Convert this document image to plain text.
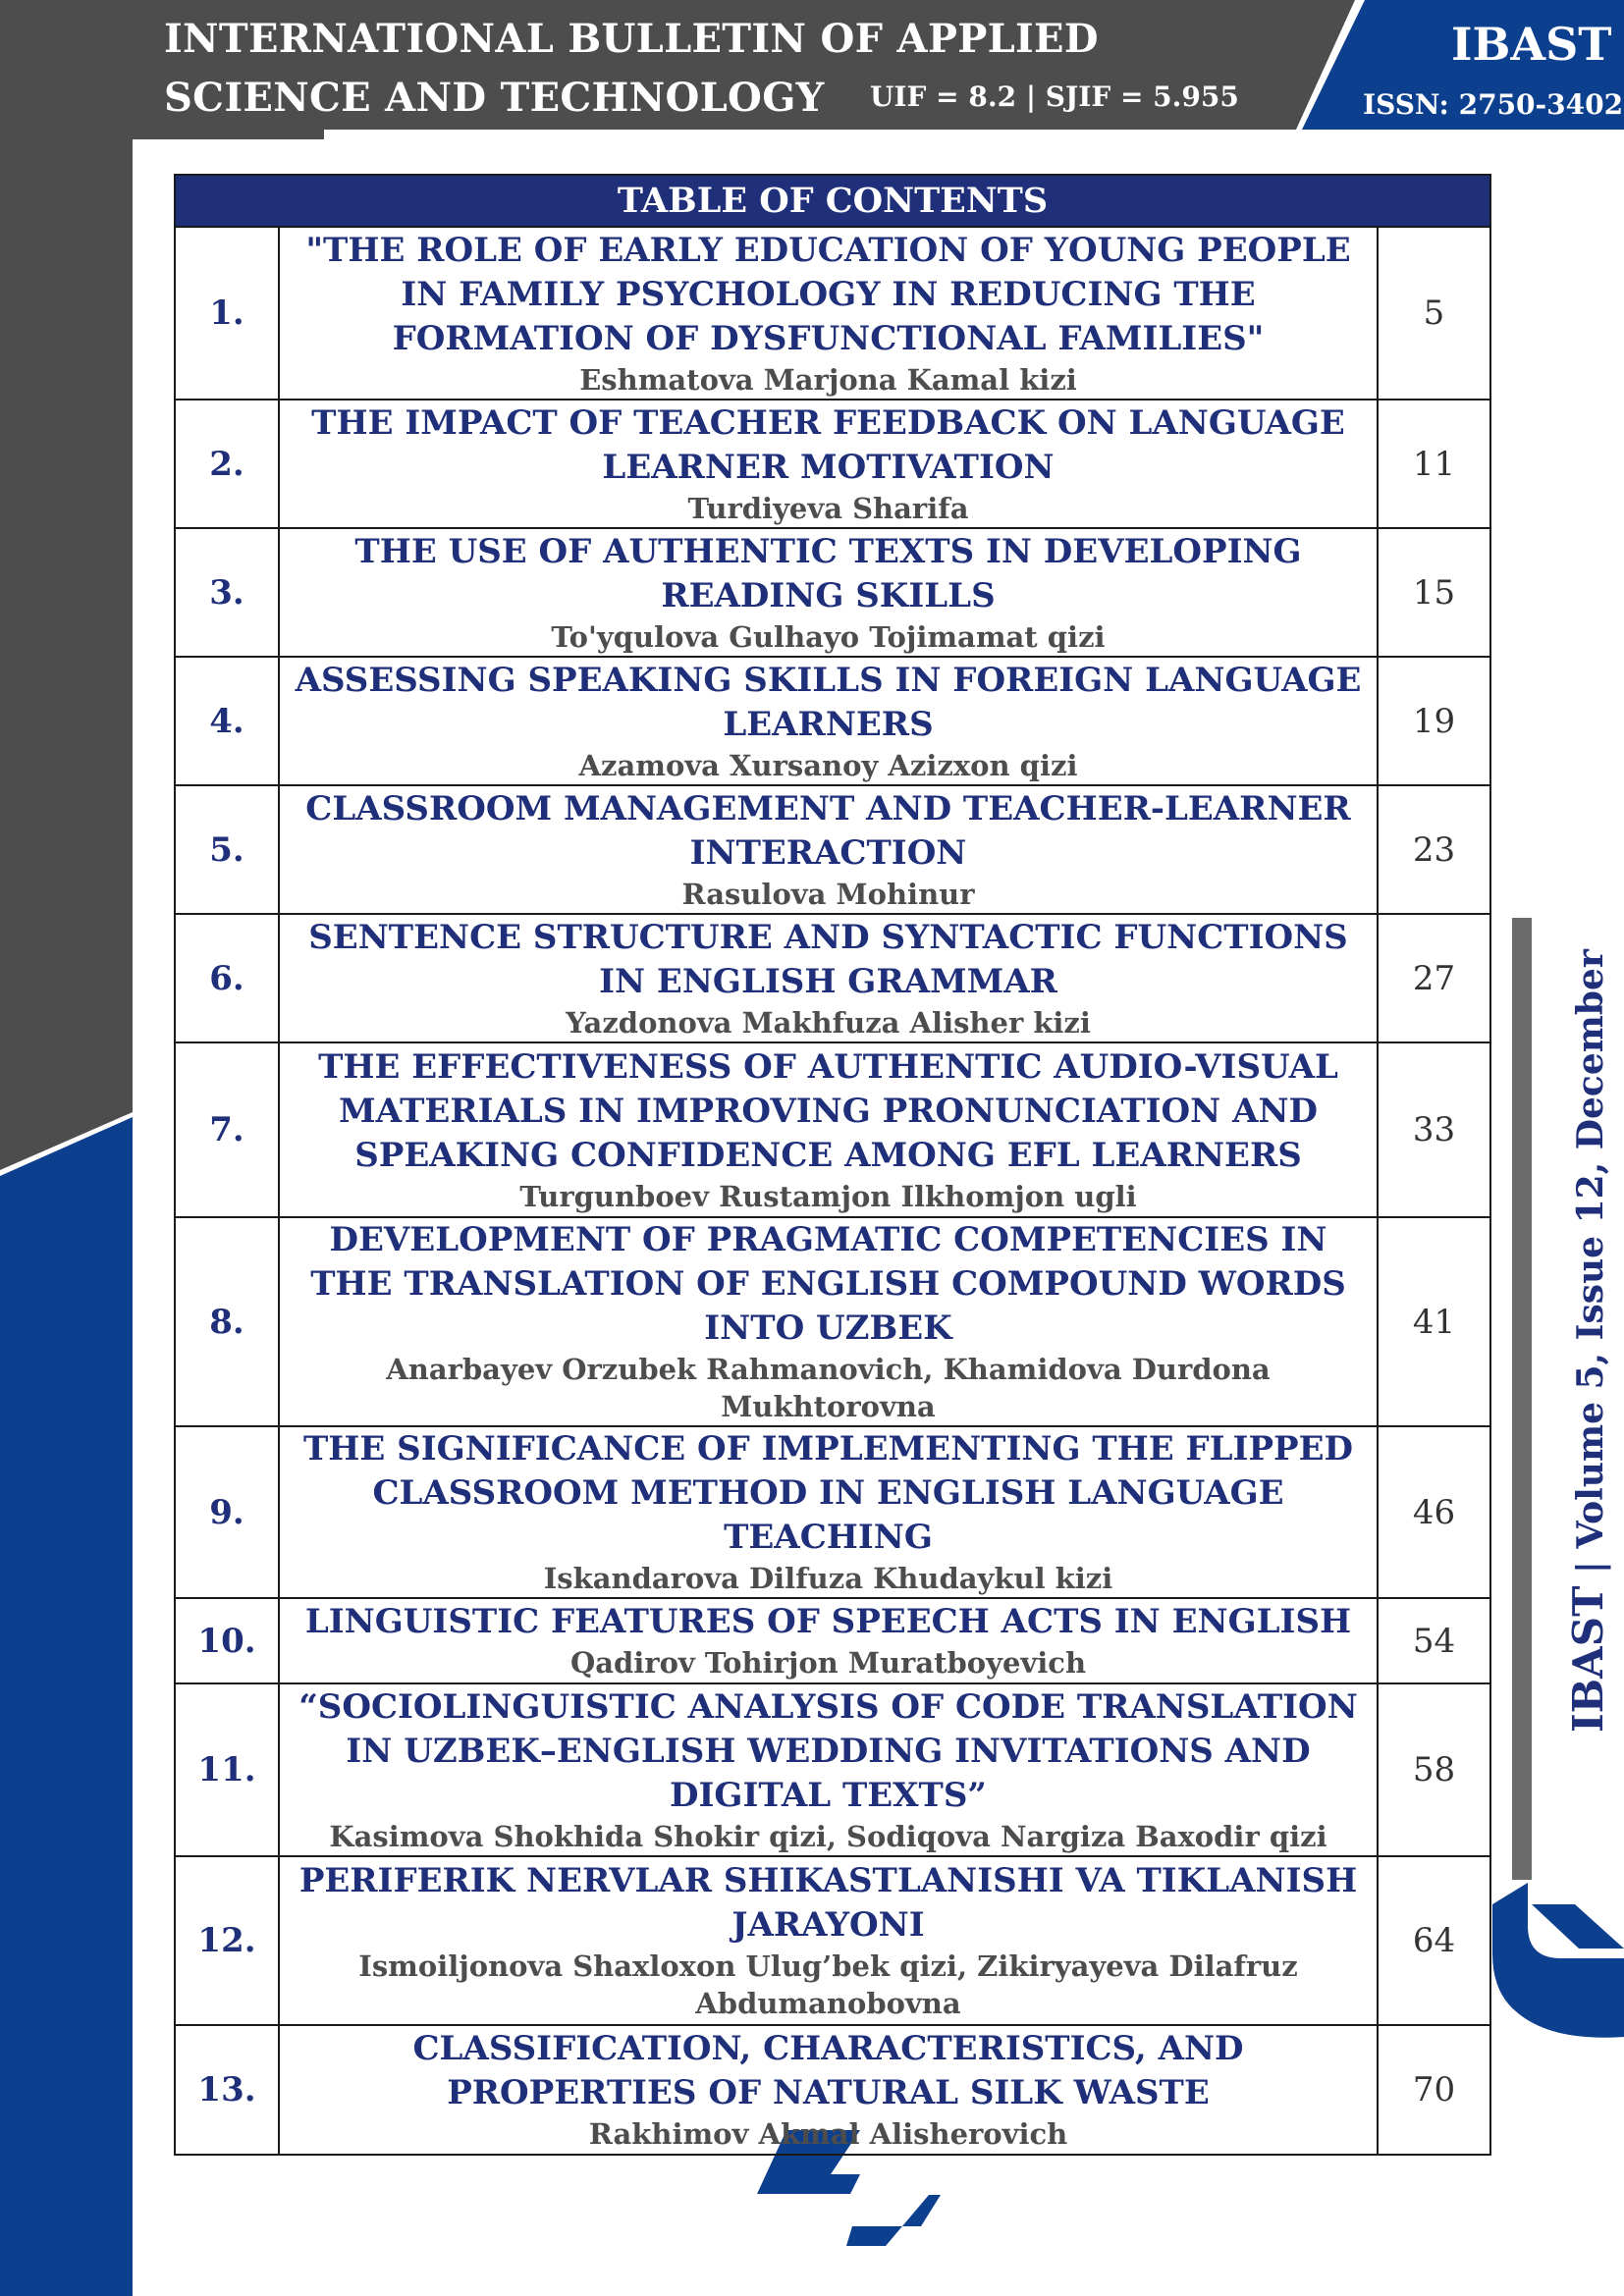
INTERNATIONAL BULLETIN OF APPLIED SCIENCE AND TECHNOLOGY	UIF = 8.2 | SJIF = 5.955
IBAST
ISSN: 2750-3402
IBAST | Volume 5, Issue 12, December
TABLE OF CONTENTS		
1.	"THE ROLE OF EARLY EDUCATION OF YOUNG PEOPLE IN FAMILY PSYCHOLOGY IN REDUCING THE FORMATION OF DYSFUNCTIONAL FAMILIES"
Eshmatova Marjona Kamal kizi	5
2.	THE IMPACT OF TEACHER FEEDBACK ON LANGUAGE LEARNER MOTIVATION
Turdiyeva Sharifa	11
3.	THE USE OF AUTHENTIC TEXTS IN DEVELOPING READING SKILLS
To'yqulova Gulhayo Tojimamat qizi	15
4.	ASSESSING SPEAKING SKILLS IN FOREIGN LANGUAGE LEARNERS
Azamova Xursanoy Azizxon qizi	19
5.	CLASSROOM MANAGEMENT AND TEACHER-LEARNER INTERACTION
Rasulova Mohinur	23
6.	SENTENCE STRUCTURE AND SYNTACTIC FUNCTIONS IN ENGLISH GRAMMAR
Yazdonova Makhfuza Alisher kizi	27
7.	THE EFFECTIVENESS OF AUTHENTIC AUDIO-VISUAL MATERIALS IN IMPROVING PRONUNCIATION AND SPEAKING CONFIDENCE AMONG EFL LEARNERS
Turgunboev Rustamjon Ilkhomjon ugli	33
8.	DEVELOPMENT OF PRAGMATIC COMPETENCIES IN THE TRANSLATION OF ENGLISH COMPOUND WORDS INTO UZBEK
Anarbayev Orzubek Rahmanovich, Khamidova Durdona Mukhtorovna	41
9.	THE SIGNIFICANCE OF IMPLEMENTING THE FLIPPED CLASSROOM METHOD IN ENGLISH LANGUAGE TEACHING
Iskandarova Dilfuza Khudaykul kizi	46
10.	LINGUISTIC FEATURES OF SPEECH ACTS IN ENGLISH
Qadirov Tohirjon Muratboyevich	54
11.	“SOCIOLINGUISTIC ANALYSIS OF CODE TRANSLATION IN UZBEK–ENGLISH WEDDING INVITATIONS AND DIGITAL TEXTS”
Kasimova Shokhida Shokir qizi, Sodiqova Nargiza Baxodir qizi	58
12.	PERIFERIK NERVLAR SHIKASTLANISHI VA TIKLANISH JARAYONI
Ismoiljonova Shaxloxon Ulug’bek qizi, Zikiryayeva Dilafruz Abdumanobovna	64
13.	CLASSIFICATION, CHARACTERISTICS, AND PROPERTIES OF NATURAL SILK WASTE
Rakhimov Akmal Alisherovich	70
